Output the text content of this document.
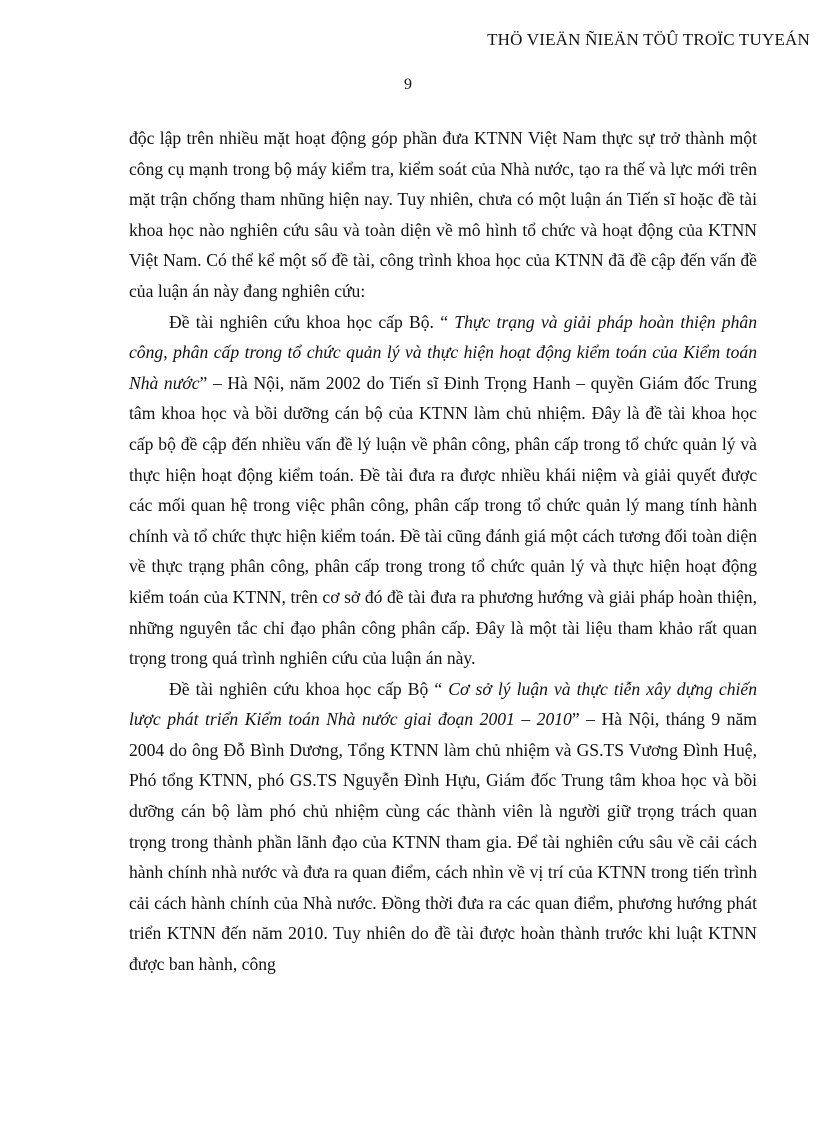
THÖ VIEÄN ÑIEÄN TÖÛ TROÏC TUYEÁN
9

độc lập trên nhiều mặt hoạt động góp phần đưa KTNN Việt Nam thực sự trở thành một công cụ mạnh trong bộ máy kiểm tra, kiểm soát của Nhà nước, tạo ra thế và lực mới trên mặt trận chống tham nhũng hiện nay. Tuy nhiên, chưa có một luận án Tiến sĩ hoặc đề tài khoa học nào nghiên cứu sâu và toàn diện về mô hình tổ chức và hoạt động của KTNN Việt Nam. Có thể kể một số đề tài, công trình khoa học của KTNN đã đề cập đến vấn đề của luận án này đang nghiên cứu:

Đề tài nghiên cứu khoa học cấp Bộ. “ Thực trạng và giải pháp hoàn thiện phân công, phân cấp trong tổ chức quản lý và thực hiện hoạt động kiểm toán của Kiểm toán Nhà nước” – Hà Nội, năm 2002 do Tiến sĩ Đinh Trọng Hanh – quyền Giám đốc Trung tâm khoa học và bồi dưỡng cán bộ của KTNN làm chủ nhiệm. Đây là đề tài khoa học cấp bộ đề cập đến nhiều vấn đề lý luận về phân công, phân cấp trong tổ chức quản lý và thực hiện hoạt động kiểm toán. Đề tài đưa ra được nhiều khái niệm và giải quyết được các mối quan hệ trong việc phân công, phân cấp trong tổ chức quản lý mang tính hành chính và tổ chức thực hiện kiểm toán. Đề tài cũng đánh giá một cách tương đối toàn diện về thực trạng phân công, phân cấp trong trong tổ chức quản lý và thực hiện hoạt động kiểm toán của KTNN, trên cơ sở đó đề tài đưa ra phương hướng và giải pháp hoàn thiện, những nguyên tắc chỉ đạo phân công phân cấp. Đây là một tài liệu tham khảo rất quan trọng trong quá trình nghiên cứu của luận án này.

Đề tài nghiên cứu khoa học cấp Bộ “ Cơ sở lý luận và thực tiễn xây dựng chiến lược phát triển Kiểm toán Nhà nước giai đoạn 2001 – 2010” – Hà Nội, tháng 9 năm 2004 do ông Đỗ Bình Dương, Tổng KTNN làm chủ nhiệm và GS.TS Vương Đình Huệ, Phó tổng KTNN, phó GS.TS Nguyễn Đình Hựu, Giám đốc Trung tâm khoa học và bồi dưỡng cán bộ làm phó chủ nhiệm cùng các thành viên là người giữ trọng trách quan trọng trong thành phần lãnh đạo của KTNN tham gia. Để tài nghiên cứu sâu về cải cách hành chính nhà nước và đưa ra quan điểm, cách nhìn về vị trí của KTNN trong tiến trình cải cách hành chính của Nhà nước. Đồng thời đưa ra các quan điểm, phương hướng phát triển KTNN đến năm 2010. Tuy nhiên do đề tài được hoàn thành trước khi luật KTNN được ban hành, công
